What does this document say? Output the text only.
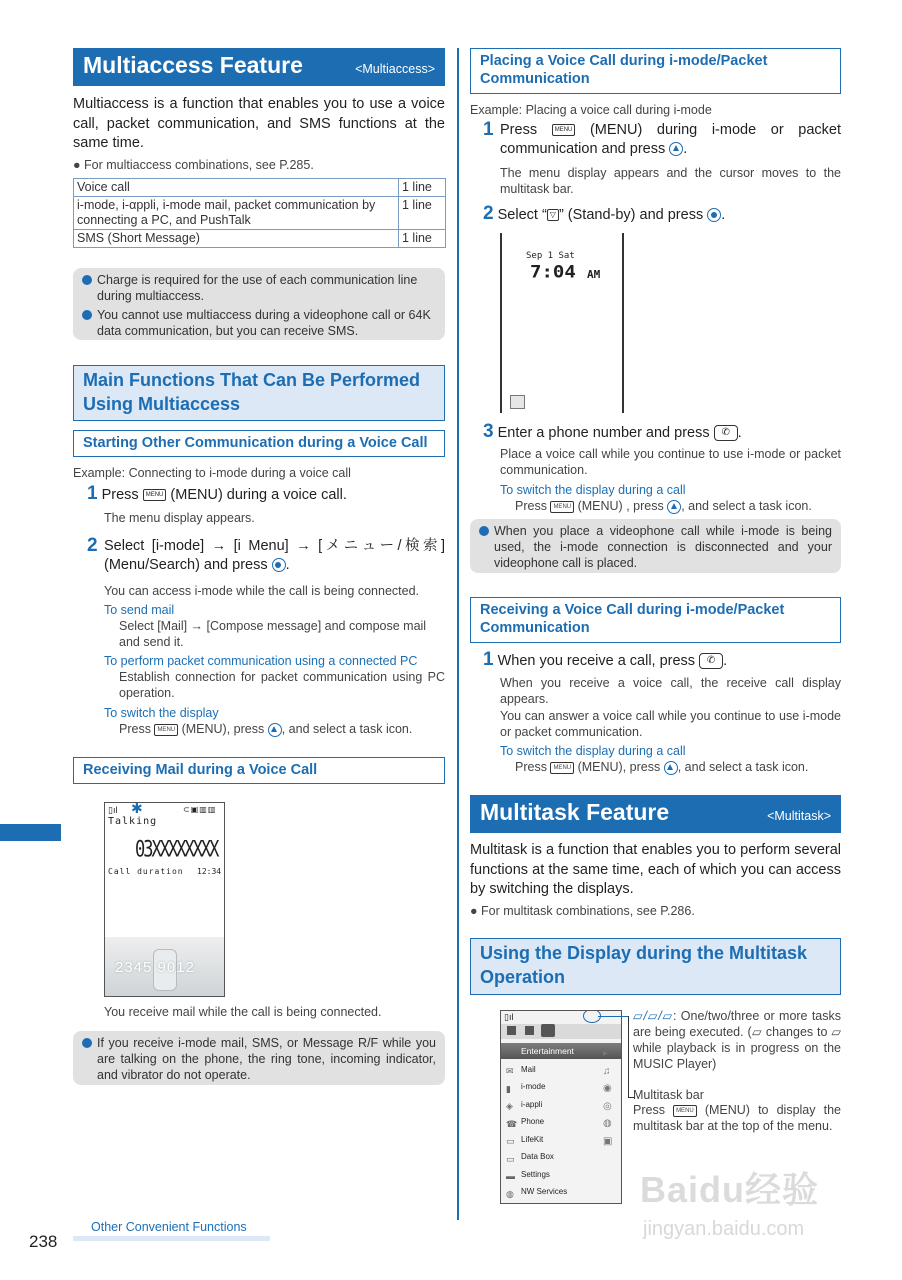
Multiaccess Feature	<Multiaccess>
Multiaccess is a function that enables you to use a voice call, packet communication, and SMS functions at the same time.
● For multiaccess combinations, see P.285.
Voice call	1 line
i-mode, i-αppli, i-mode mail, packet communication by connecting a PC, and PushTalk	1 line
SMS (Short Message)	1 line
Charge is required for the use of each communication line during multiaccess.
You cannot use multiaccess during a videophone call or 64K data communication, but you can receive SMS.
Main Functions That Can Be Performed Using Multiaccess
Starting Other Communication during a Voice Call
Example: Connecting to i-mode during a voice call
1 Press MENU (MENU) during a voice call.
The menu display appears.
2 Select [i-mode] → [i Menu] → [メニュー/検索] (Menu/Search) and press .
You can access i-mode while the call is being connected.
To send mail
Select [Mail] → [Compose message] and compose mail and send it.
To perform packet communication using a connected PC
Establish connection for packet communication using PC operation.
To switch the display
Press MENU (MENU), press , and select a task icon.
Receiving Mail during a Voice Call
▯ıl ✱	⊂▣▥▥
Talking
03XXXXXXXX
Call duration 12:34
2345 9012
You receive mail while the call is being connected.
If you receive i-mode mail, SMS, or Message R/F while you are talking on the phone, the ring tone, incoming indicator, and vibrator do not operate.
238
Other Convenient Functions
Placing a Voice Call during i-mode/Packet Communication
Example: Placing a voice call during i-mode
1 Press	MENU (MENU) during i-mode or packet communication and press .
The menu display appears and the cursor moves to the multitask bar.
2 Select “ ▽ ” (Stand-by) and press .
Sep 1 Sat
7:04 AM
3 Enter a phone number and press ✆ .
Place a voice call while you continue to use i-mode or packet communication.
To switch the display during a call
Press MENU (MENU) , press , and select a task icon.
When you place a videophone call while i-mode is being used, the i-mode connection is disconnected and your videophone call is placed.
Receiving a Voice Call during i-mode/Packet Communication
1 When you receive a call, press ✆ .
When you receive a voice call, the receive call display appears.
You can answer a voice call while you continue to use i-mode or packet communication.
To switch the display during a call
Press MENU (MENU), press , and select a task icon.
Multitask Feature	<Multitask>
Multitask is a function that enables you to perform several functions at the same time, each of which you can access by switching the displays.
● For multitask combinations, see P.286.
Using the Display during the Multitask Operation
▯ıl
Entertainment
Mail
i-mode
i-appli
Phone
LifeKit
Data Box
Settings
NW Services
✉
▮
◈
☎
▭
▭
▬
◍
▸
♫
◉
◎
◍
▣
▱/▱/▱: One/two/three or more tasks are being executed. (▱ changes to ▱ while playback is in progress on the MUSIC Player)
Multitask bar
Press MENU (MENU) to display the multitask bar at the top of the menu.
Baidu经验
jingyan.baidu.com
